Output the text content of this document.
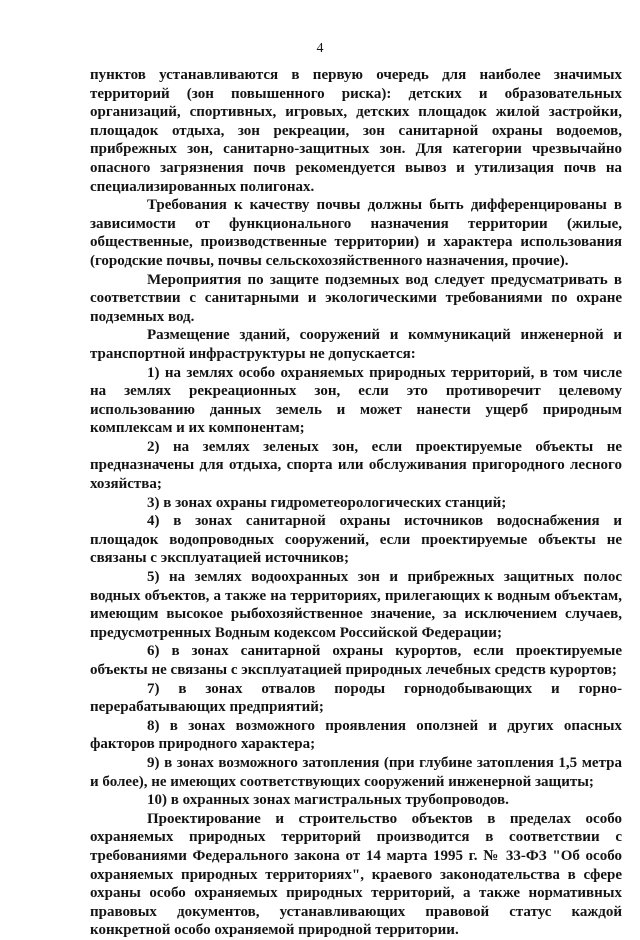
4

пунктов устанавливаются в первую очередь для наиболее значимых территорий (зон повышенного риска): детских и образовательных организаций, спортивных, игровых, детских площадок жилой застройки, площадок отдыха, зон рекреации, зон санитарной охраны водоемов, прибрежных зон, санитарно-защитных зон. Для категории чрезвычайно опасного загрязнения почв рекомендуется вывоз и утилизация почв на специализированных полигонах.

Требования к качеству почвы должны быть дифференцированы в зависимости от функционального назначения территории (жилые, общественные, производственные территории) и характера использования (городские почвы, почвы сельскохозяйственного назначения, прочие).

Мероприятия по защите подземных вод следует предусматривать в соответствии с санитарными и экологическими требованиями по охране подземных вод.

Размещение зданий, сооружений и коммуникаций инженерной и транспортной инфраструктуры не допускается:

1) на землях особо охраняемых природных территорий, в том числе на землях рекреационных зон, если это противоречит целевому использованию данных земель и может нанести ущерб природным комплексам и их компонентам;

2) на землях зеленых зон, если проектируемые объекты не предназначены для отдыха, спорта или обслуживания пригородного лесного хозяйства;

3) в зонах охраны гидрометеорологических станций;

4) в зонах санитарной охраны источников водоснабжения и площадок водопроводных сооружений, если проектируемые объекты не связаны с эксплуатацией источников;

5) на землях водоохранных зон и прибрежных защитных полос водных объектов, а также на территориях, прилегающих к водным объектам, имеющим высокое рыбохозяйственное значение, за исключением случаев, предусмотренных Водным кодексом Российской Федерации;

6) в зонах санитарной охраны курортов, если проектируемые объекты не связаны с эксплуатацией природных лечебных средств курортов;

7) в зонах отвалов породы горнодобывающих и горно-перерабатывающих предприятий;

8) в зонах возможного проявления оползней и других опасных факторов природного характера;

9) в зонах возможного затопления (при глубине затопления 1,5 метра и более), не имеющих соответствующих сооружений инженерной защиты;

10) в охранных зонах магистральных трубопроводов.

Проектирование и строительство объектов в пределах особо охраняемых природных территорий производится в соответствии с требованиями Федерального закона от 14 марта 1995 г. № 33-ФЗ "Об особо охраняемых природных территориях", краевого законодательства в сфере охраны особо охраняемых природных территорий, а также нормативных правовых документов, устанавливающих правовой статус каждой конкретной особо охраняемой природной территории.
